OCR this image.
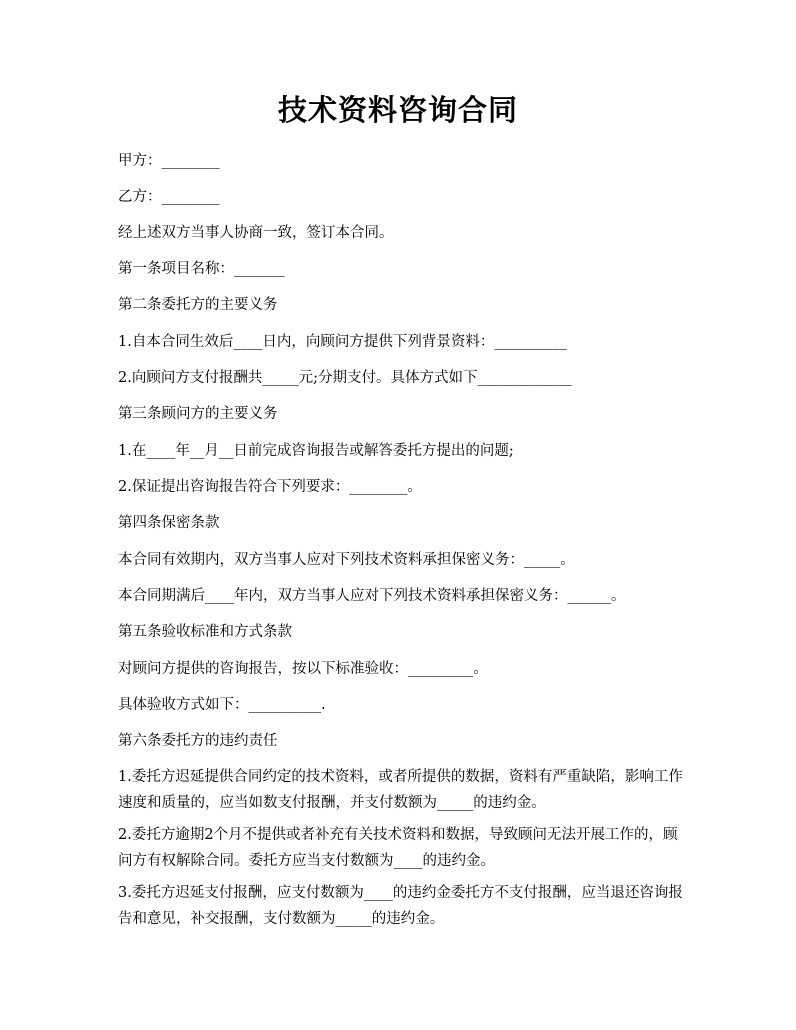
技术资料咨询合同

甲方：________

乙方：________

经上述双方当事人协商一致，签订本合同。

第一条项目名称：_______

第二条委托方的主要义务

1.自本合同生效后____日内，向顾问方提供下列背景资料：__________

2.向顾问方支付报酬共_____元;分期支付。具体方式如下_____________

第三条顾问方的主要义务

1.在____年__月__日前完成咨询报告或解答委托方提出的问题;

2.保证提出咨询报告符合下列要求：________。

第四条保密条款

本合同有效期内，双方当事人应对下列技术资料承担保密义务：_____。

本合同期满后____年内，双方当事人应对下列技术资料承担保密义务：______。

第五条验收标准和方式条款

对顾问方提供的咨询报告，按以下标准验收：_________。

具体验收方式如下：__________.

第六条委托方的违约责任

1.委托方迟延提供合同约定的技术资料，或者所提供的数据，资料有严重缺陷，影响工作速度和质量的，应当如数支付报酬，并支付数额为_____的违约金。

2.委托方逾期2个月不提供或者补充有关技术资料和数据，导致顾问无法开展工作的，顾问方有权解除合同。委托方应当支付数额为____的违约金。

3.委托方迟延支付报酬，应支付数额为____的违约金委托方不支付报酬，应当退还咨询报告和意见，补交报酬，支付数额为_____的违约金。
